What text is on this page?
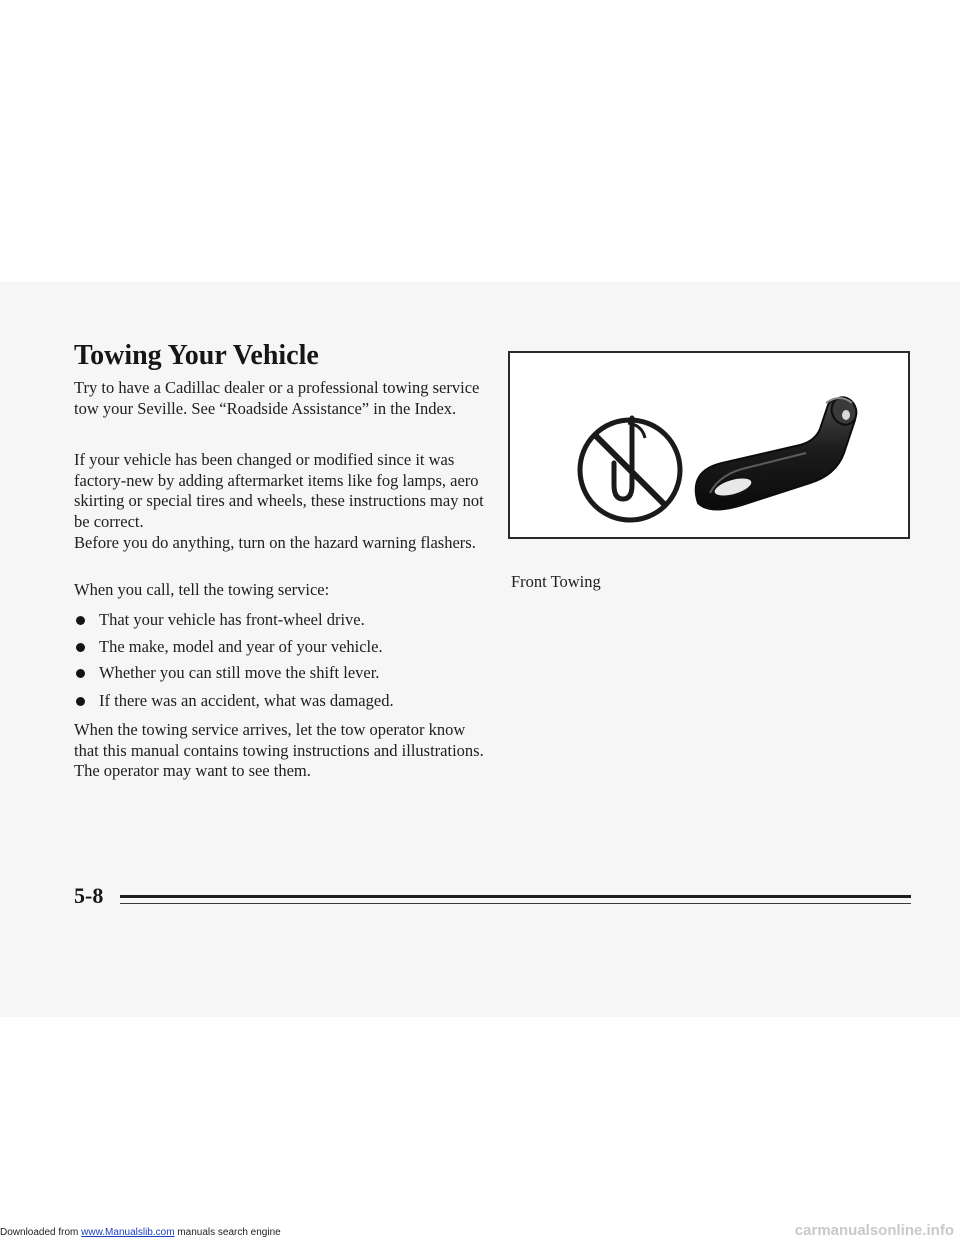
Towing Your Vehicle

Try to have a Cadillac dealer or a professional towing service tow your Seville. See “Roadside Assistance” in the Index.

If your vehicle has been changed or modified since it was factory-new by adding aftermarket items like fog lamps, aero skirting or special tires and wheels, these instructions may not be correct.

Before you do anything, turn on the hazard warning flashers.

When you call, tell the towing service:

That your vehicle has front-wheel drive.
The make, model and year of your vehicle.
Whether you can still move the shift lever.
If there was an accident, what was damaged.

When the towing service arrives, let the tow operator know that this manual contains towing instructions and illustrations. The operator may want to see them.

Front Towing

5-8
Downloaded from www.Manualslib.com manuals search engine	carmanualsonline.info
